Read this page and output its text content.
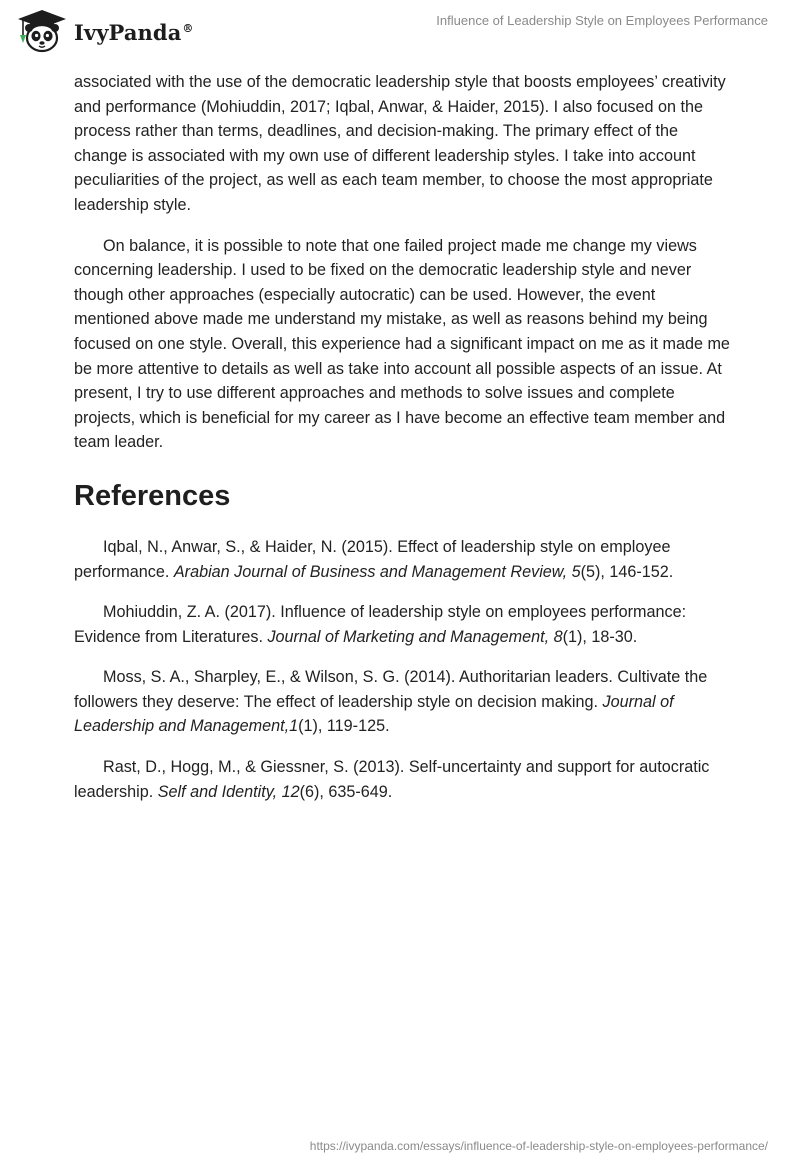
IvyPanda®	Influence of Leadership Style on Employees Performance

associated with the use of the democratic leadership style that boosts employees’ creativity and performance (Mohiuddin, 2017; Iqbal, Anwar, & Haider, 2015). I also focused on the process rather than terms, deadlines, and decision-making. The primary effect of the change is associated with my own use of different leadership styles. I take into account peculiarities of the project, as well as each team member, to choose the most appropriate leadership style.

On balance, it is possible to note that one failed project made me change my views concerning leadership. I used to be fixed on the democratic leadership style and never though other approaches (especially autocratic) can be used. However, the event mentioned above made me understand my mistake, as well as reasons behind my being focused on one style. Overall, this experience had a significant impact on me as it made me be more attentive to details as well as take into account all possible aspects of an issue. At present, I try to use different approaches and methods to solve issues and complete projects, which is beneficial for my career as I have become an effective team member and team leader.

References

Iqbal, N., Anwar, S., & Haider, N. (2015). Effect of leadership style on employee performance. Arabian Journal of Business and Management Review, 5(5), 146-152.

Mohiuddin, Z. A. (2017). Influence of leadership style on employees performance: Evidence from Literatures. Journal of Marketing and Management, 8(1), 18-30.

Moss, S. A., Sharpley, E., & Wilson, S. G. (2014). Authoritarian leaders. Cultivate the followers they deserve: The effect of leadership style on decision making. Journal of Leadership and Management,1(1), 119-125.

Rast, D., Hogg, M., & Giessner, S. (2013). Self-uncertainty and support for autocratic leadership. Self and Identity, 12(6), 635-649.

https://ivypanda.com/essays/influence-of-leadership-style-on-employees-performance/
